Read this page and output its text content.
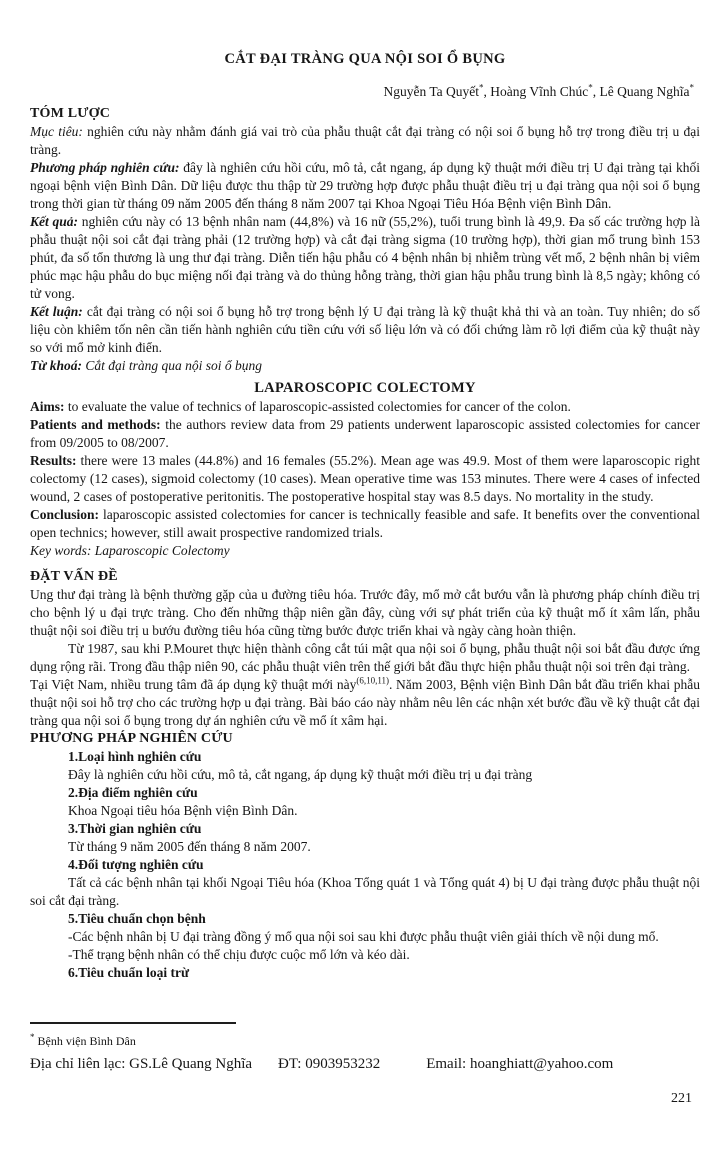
CẮT ĐẠI TRÀNG QUA NỘI SOI Ổ BỤNG
Nguyễn Ta Quyết*, Hoàng Vĩnh Chúc*, Lê Quang Nghĩa*
TÓM LƯỢC

Mục tiêu: nghiên cứu này nhằm đánh giá vai trò của phẫu thuật cắt đại tràng có nội soi ổ bụng hỗ trợ trong điều trị u đại tràng.

Phương pháp nghiên cứu: đây là nghiên cứu hồi cứu, mô tả, cắt ngang, áp dụng kỹ thuật mới điều trị U đại tràng tại khối ngoại bệnh viện Bình Dân. Dữ liệu được thu thập từ 29 trường hợp được phẫu thuật điều trị u đại tràng qua nội soi ổ bụng trong thời gian từ tháng 09 năm 2005 đến tháng 8 năm 2007 tại Khoa Ngoại Tiêu Hóa Bệnh viện Bình Dân.

Kết quả: nghiên cứu này có 13 bệnh nhân nam (44,8%) và 16 nữ (55,2%), tuổi trung bình là 49,9. Đa số các trường hợp là phẫu thuật nội soi cắt đại tràng phải (12 trường hợp) và cắt đại tràng sigma (10 trường hợp), thời gian mổ trung bình 153 phút, đa số tổn thương là ung thư đại tràng. Diễn tiến hậu phẫu có 4 bệnh nhân bị nhiễm trùng vết mổ, 2 bệnh nhân bị viêm phúc mạc hậu phẫu do bục miệng nối đại tràng và do thủng hỗng tràng, thời gian hậu phẫu trung bình là 8,5 ngày; không có tử vong.

Kết luận: cắt đại tràng có nội soi ổ bụng hỗ trợ trong bệnh lý U đại tràng là kỹ thuật khả thi và an toàn. Tuy nhiên; do số liệu còn khiêm tốn nên cần tiến hành nghiên cứu tiền cứu với số liệu lớn và có đối chứng làm rõ lợi điểm của kỹ thuật này so với mổ mở kinh điển.

Từ khoá: Cắt đại tràng qua nội soi ổ bụng

LAPAROSCOPIC COLECTOMY

Aims: to evaluate the value of technics of laparoscopic-assisted colectomies for cancer of the colon.

Patients and methods: the authors review data from 29 patients underwent laparoscopic assisted colectomies for cancer from 09/2005 to 08/2007.

Results: there were 13 males (44.8%) and 16 females (55.2%). Mean age was 49.9. Most of them were laparoscopic right colectomy (12 cases), sigmoid colectomy (10 cases). Mean operative time was 153 minutes. There were 4 cases of infected wound, 2 cases of postoperative peritonitis. The postoperative hospital stay was 8.5 days. No mortality in the study.

Conclusion: laparoscopic assisted colectomies for cancer is technically feasible and safe. It benefits over the conventional open technics; however, still await prospective randomized trials.

Key words: Laparoscopic Colectomy

ĐẶT VẤN ĐỀ

Ung thư đại tràng là bệnh thường gặp của u đường tiêu hóa. Trước đây, mổ mở cắt bướu vẫn là phương pháp chính điều trị cho bệnh lý u đại trực tràng. Cho đến những thập niên gần đây, cùng với sự phát triển của kỹ thuật mổ ít xâm lấn, phẫu thuật nội soi điều trị u bướu đường tiêu hóa cũng từng bước được triển khai và ngày càng hoàn thiện.

Từ 1987, sau khi P.Mouret thực hiện thành công cắt túi mật qua nội soi ổ bụng, phẫu thuật nội soi bắt đầu được ứng dụng rộng rãi. Trong đầu thập niên 90, các phẫu thuật viên trên thế giới bắt đầu thực hiện phẫu thuật nội soi trên đại tràng.

Tại Việt Nam, nhiều trung tâm đã áp dụng kỹ thuật mới này$^{(6,10,11)}$. Năm 2003, Bệnh viện Bình Dân bắt đầu triển khai phẫu thuật nội soi hỗ trợ cho các trường hợp u đại tràng. Bài báo cáo này nhằm nêu lên các nhận xét bước đầu về kỹ thuật cắt đại tràng qua nội soi ổ bụng trong dự án nghiên cứu về mổ ít xâm hại.

PHƯƠNG PHÁP NGHIÊN CỨU
1.Loại hình nghiên cứu

Đây là nghiên cứu hồi cứu, mô tả, cắt ngang, áp dụng kỹ thuật mới điều trị u đại tràng

2.Địa điểm nghiên cứu

Khoa Ngoại tiêu hóa Bệnh viện Bình Dân.

3.Thời gian nghiên cứu

Từ tháng 9 năm 2005 đến tháng 8 năm 2007.

4.Đối tượng nghiên cứu

Tất cả các bệnh nhân tại khối Ngoại Tiêu hóa (Khoa Tổng quát 1 và Tổng quát 4) bị U đại tràng được phẫu thuật nội soi cắt đại tràng.

5.Tiêu chuẩn chọn bệnh

-Các bệnh nhân bị U đại tràng đồng ý mổ qua nội soi sau khi được phẫu thuật viên giải thích về nội dung mổ.

-Thể trạng bệnh nhân có thể chịu được cuộc mổ lớn và kéo dài.

6.Tiêu chuẩn loại trừ
* Bệnh viện Bình Dân
Địa chỉ liên lạc: GS.Lê Quang Nghĩa ĐT: 0903953232	Email: hoanghiatt@yahoo.com
221
